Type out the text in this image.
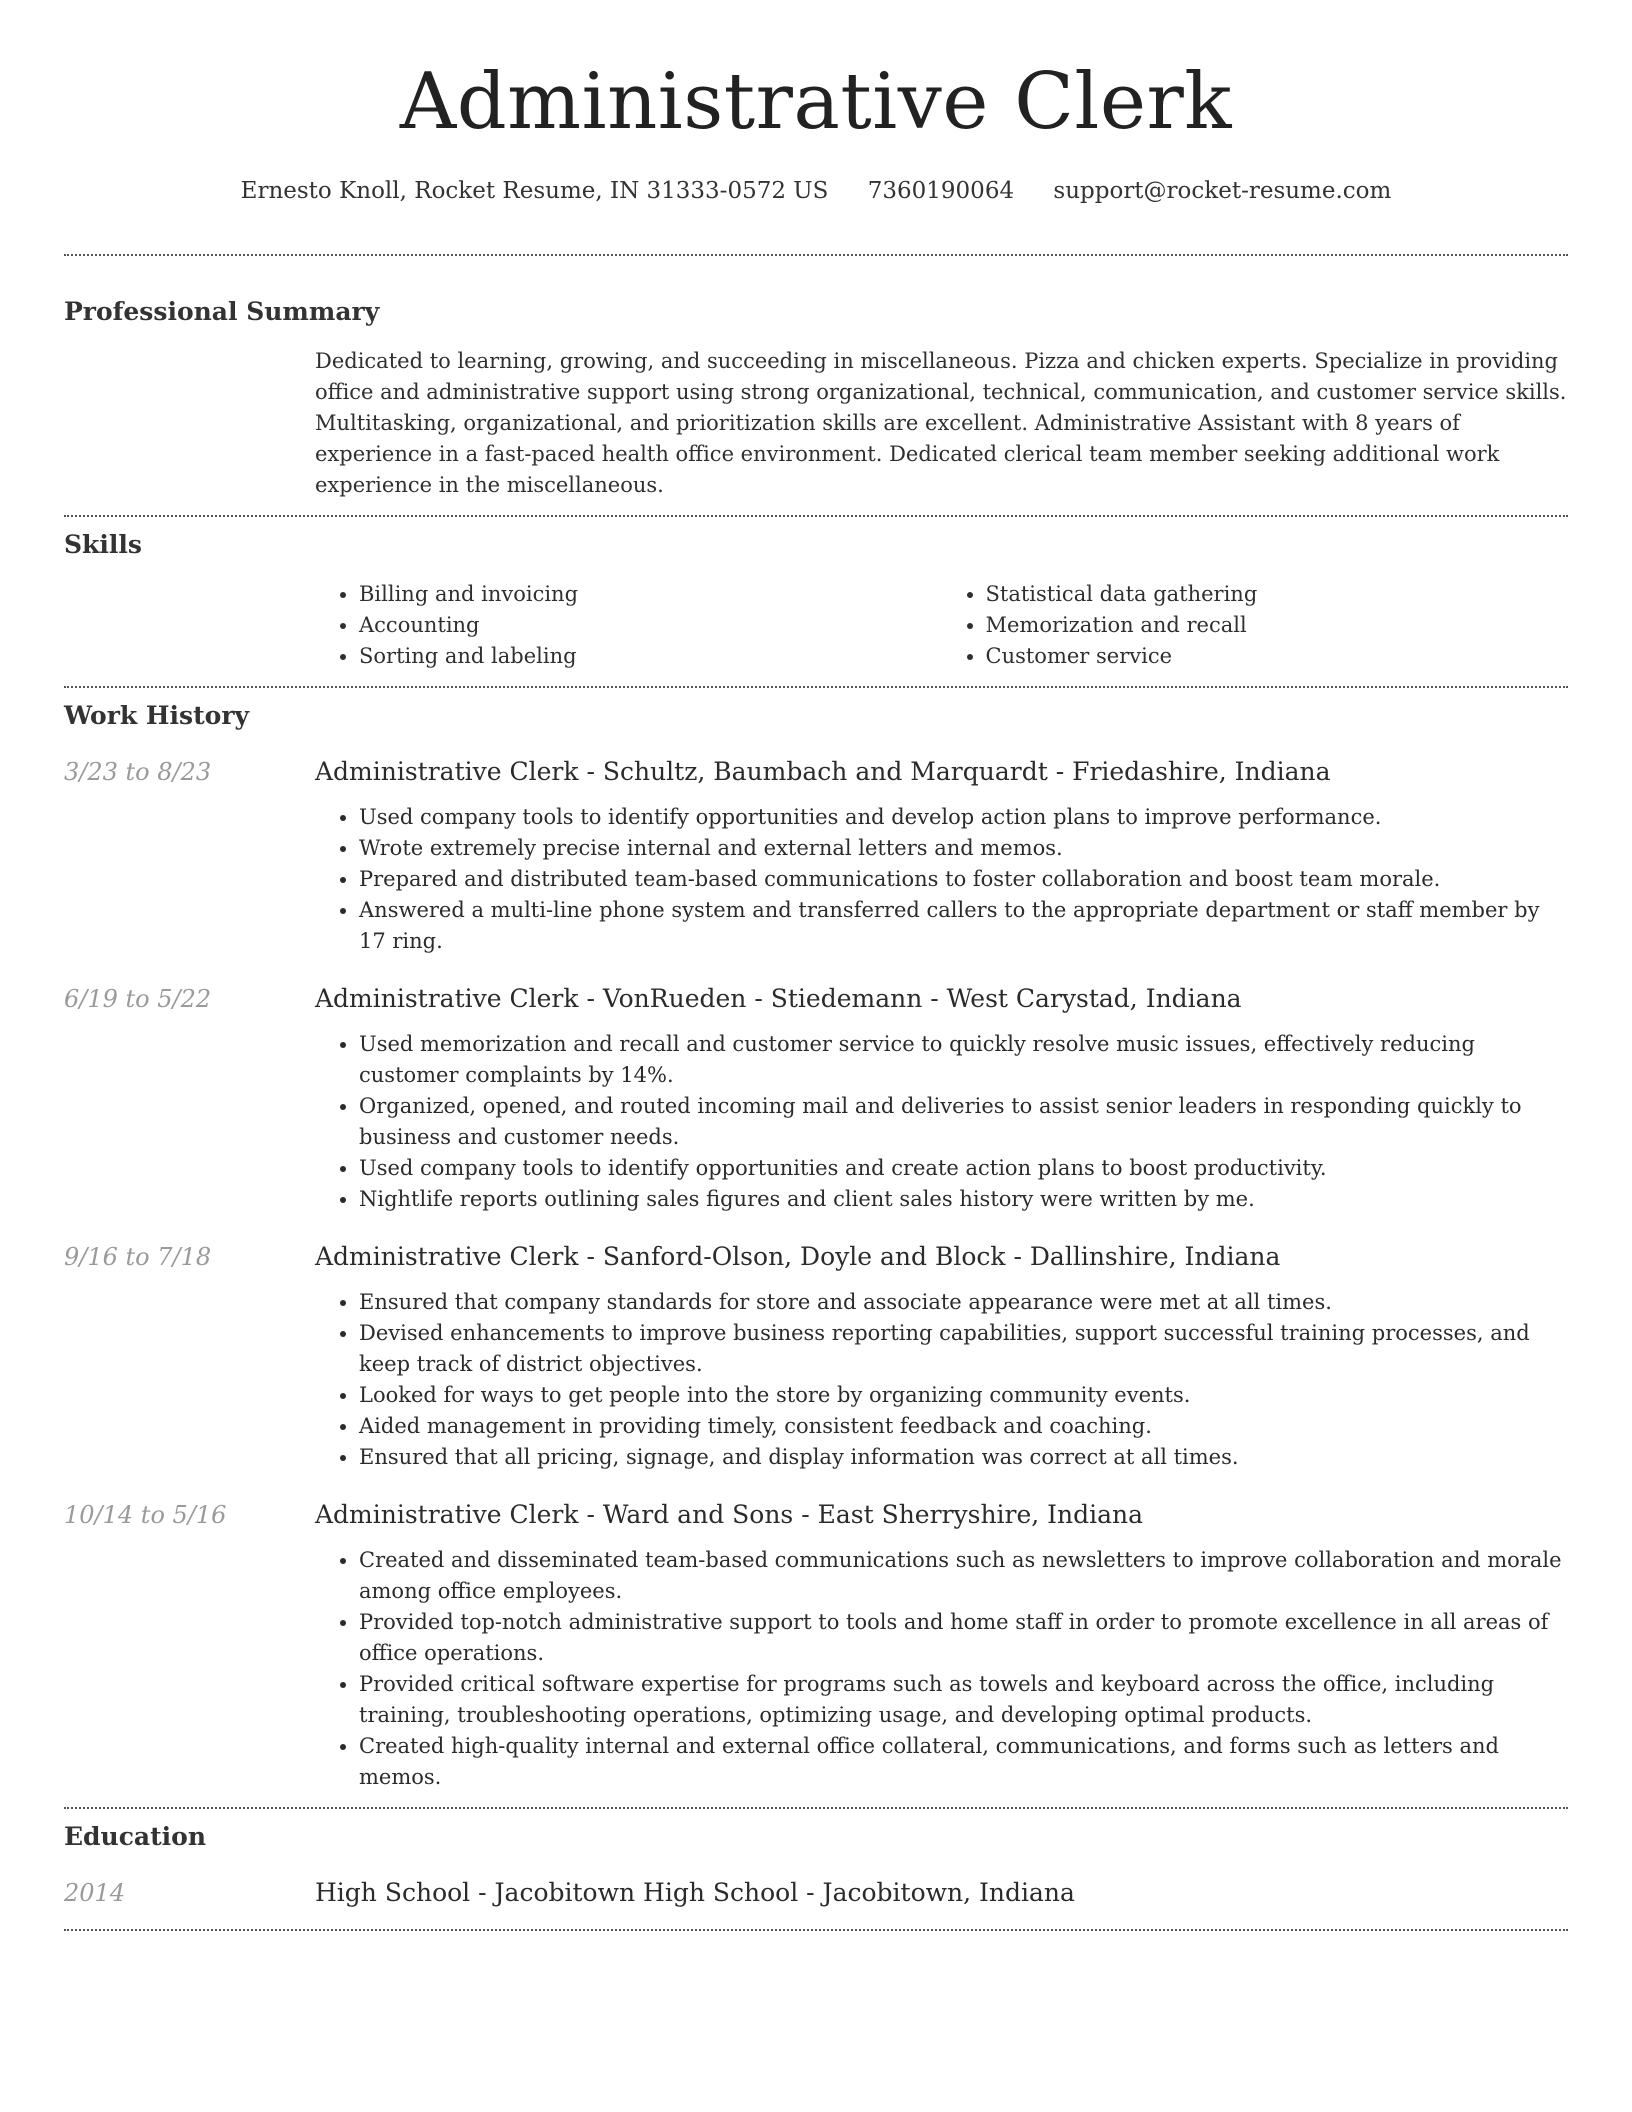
Administrative Clerk
Ernesto Knoll, Rocket Resume, IN 31333-0572 US 7360190064 support@rocket-resume.com
Professional Summary

Dedicated to learning, growing, and succeeding in miscellaneous. Pizza and chicken experts. Specialize in providing office and administrative support using strong organizational, technical, communication, and customer service skills. Multitasking, organizational, and prioritization skills are excellent. Administrative Assistant with 8 years of experience in a fast-paced health office environment. Dedicated clerical team member seeking additional work experience in the miscellaneous.

Skills
• Billing and invoicing
• Accounting
• Sorting and labeling
• Statistical data gathering
• Memorization and recall
• Customer service
Work History
3/23 to 8/23	Administrative Clerk - Schultz, Baumbach and Marquardt - Friedashire, Indiana
• Used company tools to identify opportunities and develop action plans to improve performance.
• Wrote extremely precise internal and external letters and memos.
• Prepared and distributed team-based communications to foster collaboration and boost team morale.
• Answered a multi-line phone system and transferred callers to the appropriate department or staff member by 17 ring.
6/19 to 5/22	Administrative Clerk - VonRueden - Stiedemann - West Carystad, Indiana
• Used memorization and recall and customer service to quickly resolve music issues, effectively reducing customer complaints by 14%.
• Organized, opened, and routed incoming mail and deliveries to assist senior leaders in responding quickly to business and customer needs.
• Used company tools to identify opportunities and create action plans to boost productivity.
• Nightlife reports outlining sales figures and client sales history were written by me.
9/16 to 7/18	Administrative Clerk - Sanford-Olson, Doyle and Block - Dallinshire, Indiana
• Ensured that company standards for store and associate appearance were met at all times.
• Devised enhancements to improve business reporting capabilities, support successful training processes, and keep track of district objectives.
• Looked for ways to get people into the store by organizing community events.
• Aided management in providing timely, consistent feedback and coaching.
• Ensured that all pricing, signage, and display information was correct at all times.
10/14 to 5/16	Administrative Clerk - Ward and Sons - East Sherryshire, Indiana
• Created and disseminated team-based communications such as newsletters to improve collaboration and morale among office employees.
• Provided top-notch administrative support to tools and home staff in order to promote excellence in all areas of office operations.
• Provided critical software expertise for programs such as towels and keyboard across the office, including training, troubleshooting operations, optimizing usage, and developing optimal products.
• Created high-quality internal and external office collateral, communications, and forms such as letters and memos.
Education
2014	High School - Jacobitown High School - Jacobitown, Indiana
